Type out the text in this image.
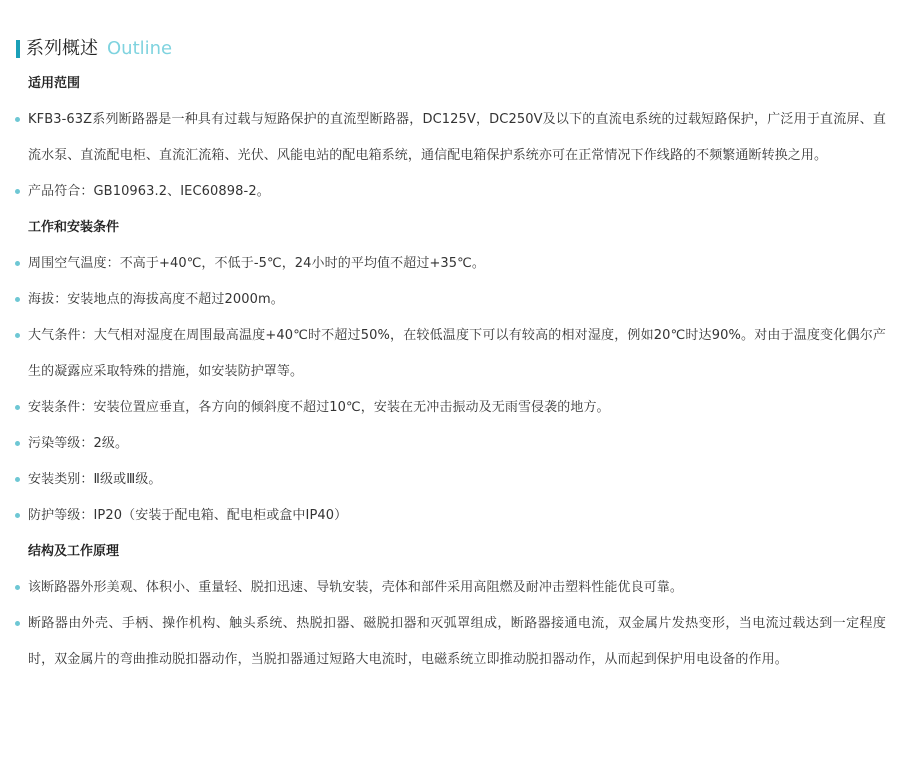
系列概述 Outline
适用范围
KFB3-63Z系列断路器是一种具有过载与短路保护的直流型断路器，DC125V，DC250V及以下的直流电系统的过载短路保护，广泛用于直流屏、直流水泵、直流配电柜、直流汇流箱、光伏、风能电站的配电箱系统，通信配电箱保护系统亦可在正常情况下作线路的不频繁通断转换之用。
产品符合：GB10963.2、IEC60898-2。
工作和安装条件
周围空气温度：不高于+40℃，不低于-5℃，24小时的平均值不超过+35℃。
海拔：安装地点的海拔高度不超过2000m。
大气条件：大气相对湿度在周围最高温度+40℃时不超过50%，在较低温度下可以有较高的相对湿度，例如20℃时达90%。对由于温度变化偶尔产生的凝露应采取特殊的措施，如安装防护罩等。
安装条件：安装位置应垂直，各方向的倾斜度不超过10℃，安装在无冲击振动及无雨雪侵袭的地方。
污染等级：2级。
安装类别：Ⅱ级或Ⅲ级。
防护等级：IP20（安装于配电箱、配电柜或盒中IP40）
结构及工作原理
该断路器外形美观、体积小、重量轻、脱扣迅速、导轨安装，壳体和部件采用高阻燃及耐冲击塑料性能优良可靠。
断路器由外壳、手柄、操作机构、触头系统、热脱扣器、磁脱扣器和灭弧罩组成，断路器接通电流，双金属片发热变形，当电流过载达到一定程度时，双金属片的弯曲推动脱扣器动作，当脱扣器通过短路大电流时，电磁系统立即推动脱扣器动作，从而起到保护用电设备的作用。
